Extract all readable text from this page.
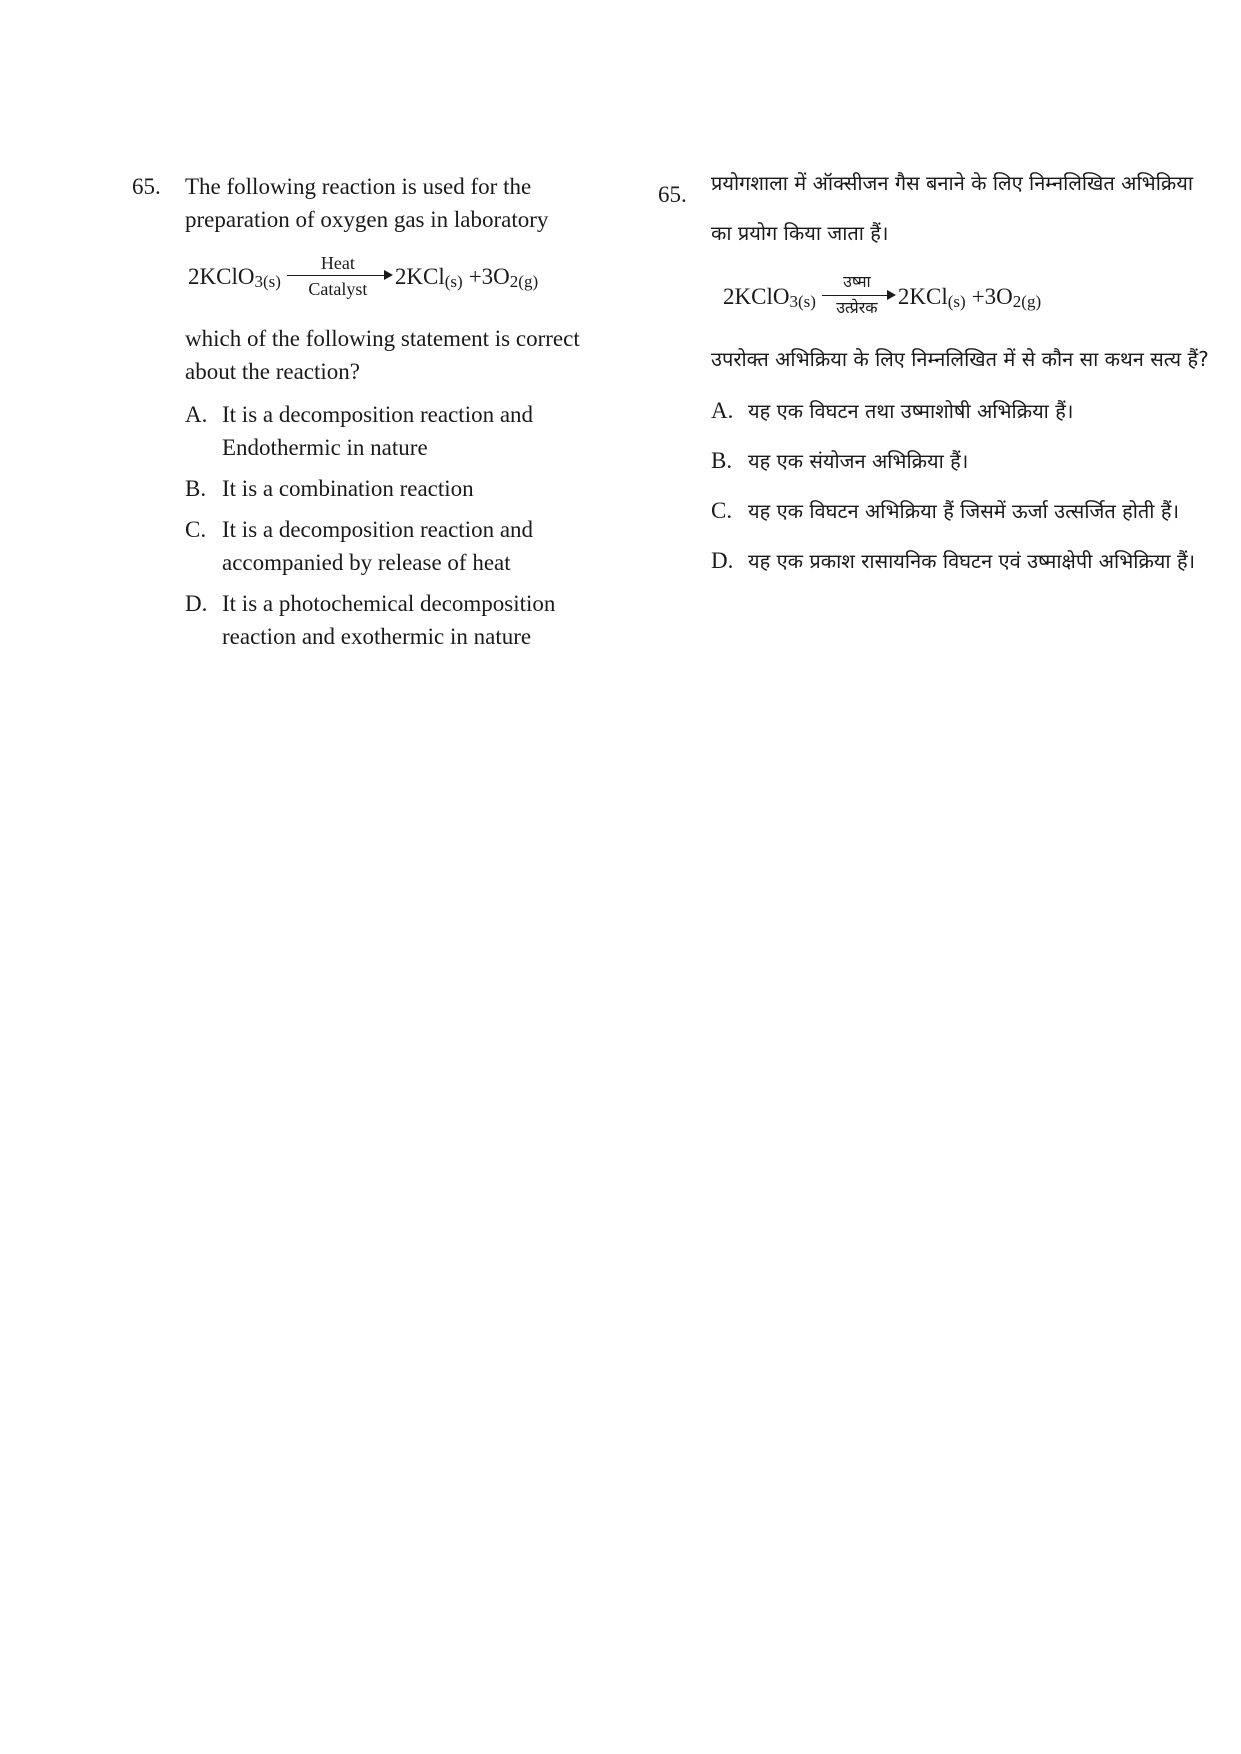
65. The following reaction is used for the preparation of oxygen gas in laboratory

2KClO$_{3(s)}$
Heat
Catalyst
$2KCl_{(s)} +3O_{2(g)}$

which of the following statement is correct about the reaction?

A. It is a decomposition reaction and Endothermic in nature
B. It is a combination reaction
C. It is a decomposition reaction and accompanied by release of heat
D. It is a photochemical decomposition reaction and exothermic in nature
65. प्रयोगशाला में ऑक्सीजन गैस बनाने के लिए निम्नलिखित अभिक्रिया का प्रयोग किया जाता हैं।

2KClO$_{3(s)}$
उष्मा
उत्प्रेरक $2KCl_{(s)} +3O_{2(g)}$

उपरोक्त अभिक्रिया के लिए निम्नलिखित में से कौन सा कथन सत्य हैं?

A. यह एक विघटन तथा उष्माशोषी अभिक्रिया हैं।
B. यह एक संयोजन अभिक्रिया हैं।
C. यह एक विघटन अभिक्रिया हैं जिसमें ऊर्जा उत्सर्जित होती हैं।
D. यह एक प्रकाश रासायनिक विघटन एवं उष्माक्षेपी अभिक्रिया हैं।
